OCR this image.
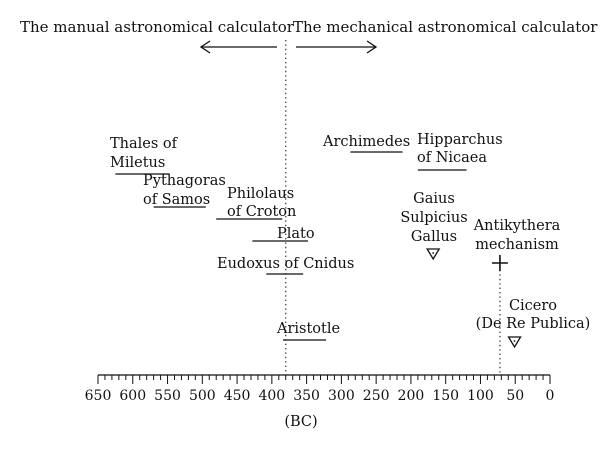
The manual astronomical calculator The mechanical astronomical calculator
Thales of
Miletus
Pythagoras
of Samos Philolaus
of Croton
Plato
Eudoxus of Cnidus
Aristotle
Archimedes Hipparchus
of Nicaea
Gaius
Sulpicius
Gallus
Antikythera
mechanism
Cicero
(De Re Publica)
0
50
100
150
200
250
300
350
400
450
500
550
600
650
(BC)
